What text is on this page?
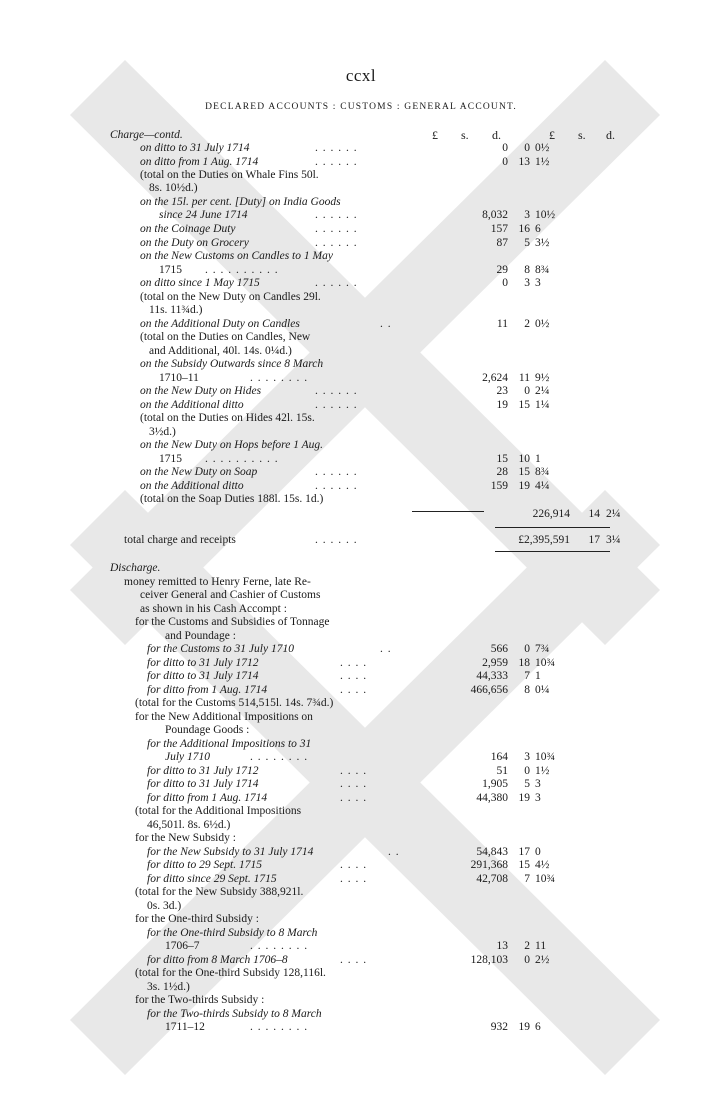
ccxl
DECLARED ACCOUNTS : CUSTOMS : GENERAL ACCOUNT.
£ s. d.	£ s. d.
Charge—contd.
on ditto to 31 July 1714	. . . . . .	0	0 0½
on ditto from 1 Aug. 1714	. . . . . .	0 13 1½
(total on the Duties on Whale Fins 50l.
8s. 10½d.)
on the 15l. per cent. [Duty] on India Goods
since 24 June 1714	. . . . . .	8,032	3 10½
on the Coinage Duty	. . . . . .	157 16 6
on the Duty on Grocery	. . . . . .	87	5 3½
on the New Customs on Candles to 1 May
1715 . . . . . . . . . .	29	8 8¾
on ditto since 1 May 1715	. . . . . .	0	3 3
(total on the New Duty on Candles 29l.
11s. 11¾d.)
on the Additional Duty on Candles	. .	11	2 0½
(total on the Duties on Candles, New
and Additional, 40l. 14s. 0¼d.)
on the Subsidy Outwards since 8 March
1710–11	. . . . . . . .	2,624 11 9½
on the New Duty on Hides	. . . . . .	23	0 2¼
on the Additional ditto	. . . . . .	19 15 1¼
(total on the Duties on Hides 42l. 15s.
3½d.)
on the New Duty on Hops before 1 Aug.
1715 . . . . . . . . . .	15 10 1
on the New Duty on Soap	. . . . . .	28 15 8¾
on the Additional ditto	. . . . . .	159 19 4¼
(total on the Soap Duties 188l. 15s. 1d.)
226,914	14 2¼
total charge and receipts	. . . . . .	£2,395,591	17 3¼
Discharge.
money remitted to Henry Ferne, late Re-
ceiver General and Cashier of Customs
as shown in his Cash Accompt :
for the Customs and Subsidies of Tonnage
and Poundage :
for the Customs to 31 July 1710	. .	566	0 7¾
for ditto to 31 July 1712	. . . .	2,959 18 10¾
for ditto to 31 July 1714	. . . .	44,333	7 1
for ditto from 1 Aug. 1714	. . . .	466,656	8 0¼
(total for the Customs 514,515l. 14s. 7¾d.)
for the New Additional Impositions on
Poundage Goods :
for the Additional Impositions to 31
July 1710	. . . . . . . .	164	3 10¾
for ditto to 31 July 1712	. . . .	51	0 1½
for ditto to 31 July 1714	. . . .	1,905	5 3
for ditto from 1 Aug. 1714	. . . .	44,380 19 3
(total for the Additional Impositions
46,501l. 8s. 6½d.)
for the New Subsidy :
for the New Subsidy to 31 July 1714	. .	54,843 17 0
for ditto to 29 Sept. 1715	. . . .	291,368 15 4½
for ditto since 29 Sept. 1715	. . . .	42,708	7 10¾
(total for the New Subsidy 388,921l.
0s. 3d.)
for the One-third Subsidy :
for the One-third Subsidy to 8 March
1706–7	. . . . . . . .	13	2 11
for ditto from 8 March 1706–8	. . . .	128,103	0 2½
(total for the One-third Subsidy 128,116l.
3s. 1½d.)
for the Two-thirds Subsidy :
for the Two-thirds Subsidy to 8 March
1711–12	. . . . . . . .	932 19 6
